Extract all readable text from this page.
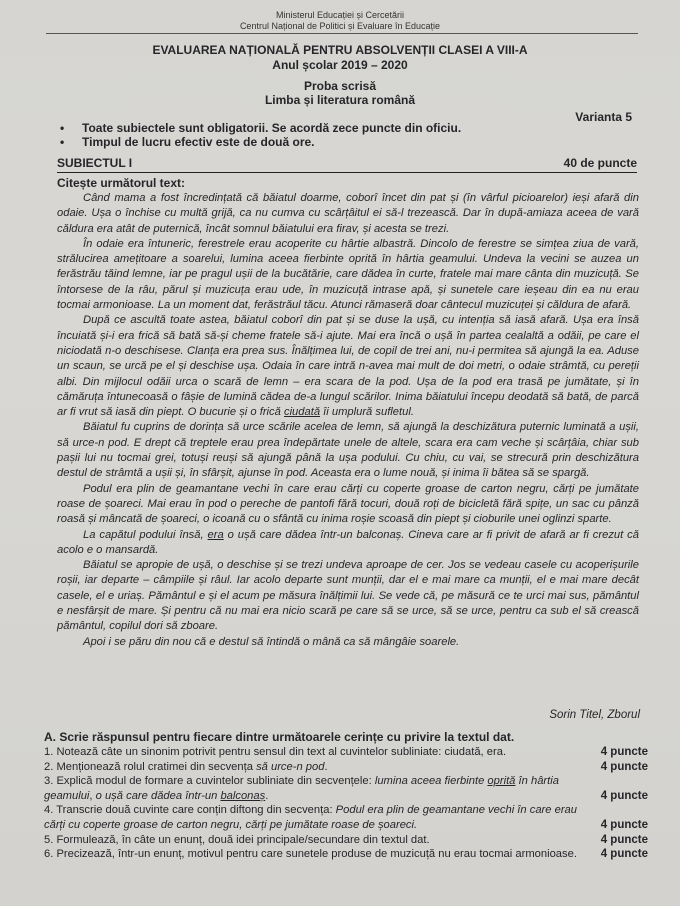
Ministerul Educației și Cercetării
Centrul Național de Politici și Evaluare în Educație
EVALUAREA NAȚIONALĂ PENTRU ABSOLVENȚII CLASEI A VIII-A
Anul școlar 2019 – 2020
Proba scrisă
Limba și literatura română
Varianta 5
• Toate subiectele sunt obligatorii. Se acordă zece puncte din oficiu.
• Timpul de lucru efectiv este de două ore.
SUBIECTUL I	40 de puncte
Citește următorul text:

Când mama a fost încredințată că băiatul doarme, coborî încet din pat și (în vârful picioarelor) ieși afară din odaie. Ușa o închise cu multă grijă, ca nu cumva cu scârțâitul ei să-l trezească. Dar în după-amiaza aceea de vară căldura era atât de puternică, încât somnul băiatului era firav, și acesta se trezi.

În odaie era întuneric, ferestrele erau acoperite cu hârtie albastră. Dincolo de ferestre se simțea ziua de vară, strălucirea amețitoare a soarelui, lumina aceea fierbinte oprită în hârtia geamului. Undeva la vecini se auzea un ferăstrău tăind lemne, iar pe pragul ușii de la bucătărie, care dădea în curte, fratele mai mare cânta din muzicuță. Se întorsese de la râu, părul și muzicuța erau ude, în muzicuță intrase apă, și sunetele care ieșeau din ea nu erau tocmai armonioase. La un moment dat, ferăstrăul tăcu. Atunci rămaseră doar cântecul muzicuței și căldura de afară.

După ce ascultă toate astea, băiatul coborî din pat și se duse la ușă, cu intenția să iasă afară. Ușa era însă încuiată și-i era frică să bată să-și cheme fratele să-i ajute. Mai era încă o ușă în partea cealaltă a odăii, pe care el niciodată n-o deschisese. Clanța era prea sus. Înălțimea lui, de copil de trei ani, nu-i permitea să ajungă la ea. Aduse un scaun, se urcă pe el și deschise ușa. Odaia în care intră n-avea mai mult de doi metri, o odaie strâmtă, cu pereții albi. Din mijlocul odăii urca o scară de lemn – era scara de la pod. Ușa de la pod era trasă pe jumătate, și în cămăruța întunecoasă o fâșie de lumină cădea de-a lungul scărilor. Inima băiatului începu deodată să bată, de parcă ar fi vrut să iasă din piept. O bucurie și o frică ciudată îi umplură sufletul.

Băiatul fu cuprins de dorința să urce scările acelea de lemn, să ajungă la deschizătura puternic luminată a ușii, să urce-n pod. E drept că treptele erau prea îndepărtate unele de altele, scara era cam veche și scârțâia, chiar sub pașii lui nu tocmai grei, totuși reuși să ajungă până la ușa podului. Cu chiu, cu vai, se strecură prin deschizătura destul de strâmtă a ușii și, în sfârșit, ajunse în pod. Aceasta era o lume nouă, și inima îi bătea să se spargă.

Podul era plin de geamantane vechi în care erau cărți cu coperte groase de carton negru, cărți pe jumătate roase de șoareci. Mai erau în pod o pereche de pantofi fără tocuri, două roți de bicicletă fără spițe, un sac cu pânză roasă și mâncată de șoareci, o icoană cu o sfântă cu inima roșie scoasă din piept și cioburile unei oglinzi sparte.

La capătul podului însă, era o ușă care dădea într-un balconaș. Cineva care ar fi privit de afară ar fi crezut că acolo e o mansardă.

Băiatul se apropie de ușă, o deschise și se trezi undeva aproape de cer. Jos se vedeau casele cu acoperișurile roșii, iar departe – câmpiile și râul. Iar acolo departe sunt munții, dar el e mai mare ca munții, el e mai mare decât casele, el e uriaș. Pământul e și el acum pe măsura înălțimii lui. Se vede că, pe măsură ce te urci mai sus, pământul e nesfârșit de mare. Și pentru că nu mai era nicio scară pe care să se urce, să se urce, pentru ca sub el să crească pământul, copilul dori să zboare.

Apoi i se păru din nou că e destul să întindă o mână ca să mângâie soarele.

Sorin Titel, Zborul
A. Scrie răspunsul pentru fiecare dintre următoarele cerințe cu privire la textul dat.
1. Notează câte un sinonim potrivit pentru sensul din text al cuvintelor subliniate: ciudată, era.	4 puncte
2. Menționează rolul cratimei din secvența să urce-n pod.	4 puncte
3. Explică modul de formare a cuvintelor subliniate din secvențele: lumina aceea fierbinte oprită în hârtia geamului, o ușă care dădea într-un balconaș.	4 puncte
4. Transcrie două cuvinte care conțin diftong din secvența: Podul era plin de geamantane vechi în care erau cărți cu coperte groase de carton negru, cărți pe jumătate roase de șoareci.	4 puncte
5. Formulează, în câte un enunț, două idei principale/secundare din textul dat.	4 puncte
6. Precizează, într-un enunț, motivul pentru care sunetele produse de muzicuță nu erau tocmai armonioase. 4 puncte
